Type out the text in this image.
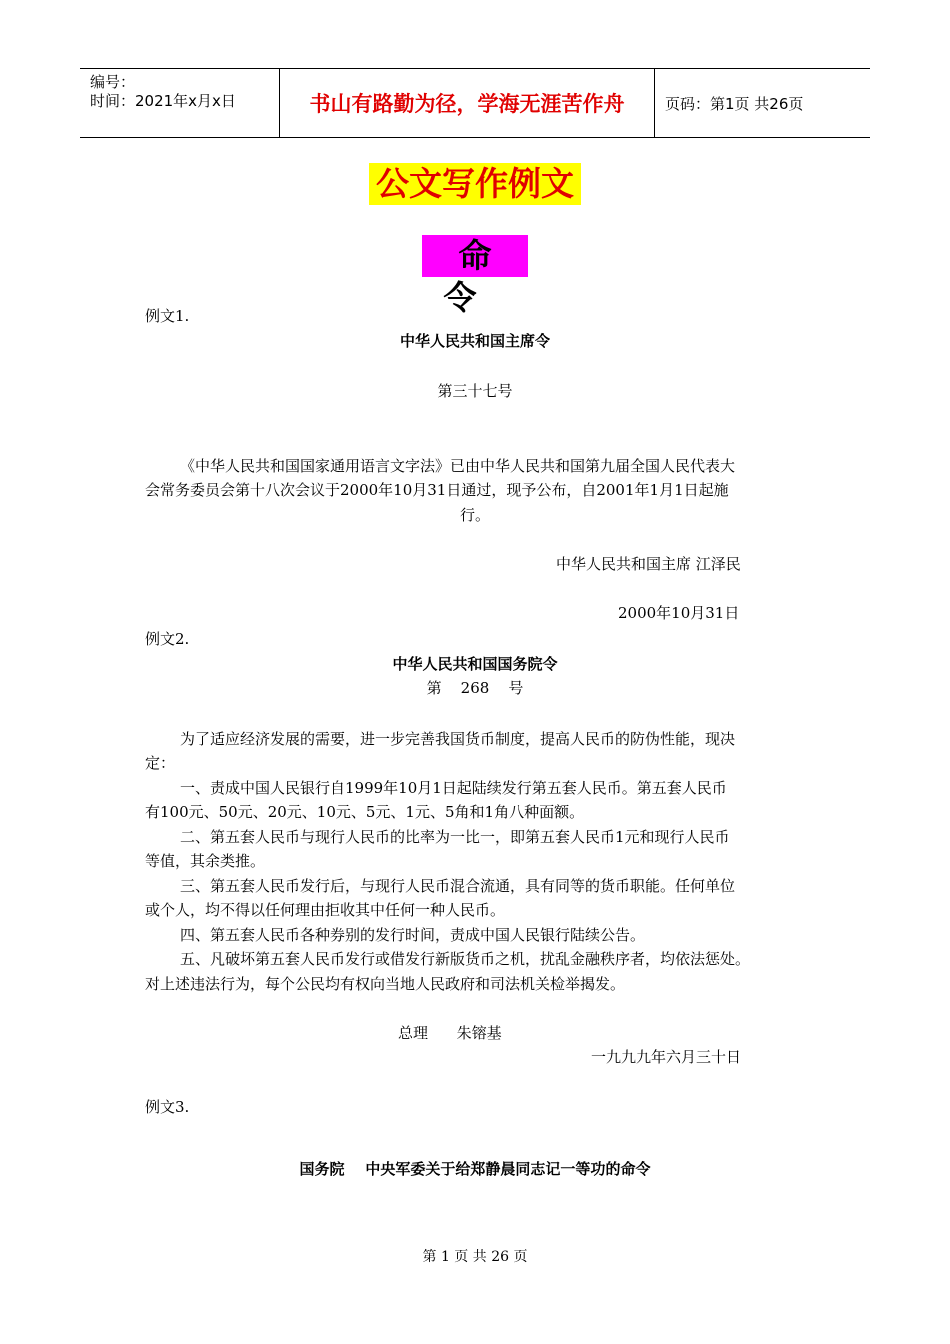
编号：
时间：2021年x月x日	书山有路勤为径，学海无涯苦作舟	页码：第1页 共26页
公文写作例文
命令
例文1.
中华人民共和国主席令
第三十七号
《中华人民共和国国家通用语言文字法》已由中华人民共和国第九届全国人民代表大
会常务委员会第十八次会议于2000年10月31日通过，现予公布，自2001年1月1日起施
行。
中华人民共和国主席 江泽民
2000年10月31日
例文2.
中华人民共和国国务院令
第    268    号
为了适应经济发展的需要，进一步完善我国货币制度，提高人民币的防伪性能，现决
定：
一、责成中国人民银行自1999年10月1日起陆续发行第五套人民币。第五套人民币
有100元、50元、20元、10元、5元、1元、5角和1角八种面额。
二、第五套人民币与现行人民币的比率为一比一，即第五套人民币1元和现行人民币
等值，其余类推。
三、第五套人民币发行后，与现行人民币混合流通，具有同等的货币职能。任何单位
或个人，均不得以任何理由拒收其中任何一种人民币。
四、第五套人民币各种券别的发行时间，责成中国人民银行陆续公告。
五、凡破坏第五套人民币发行或借发行新版货币之机，扰乱金融秩序者，均依法惩处。
对上述违法行为，每个公民均有权向当地人民政府和司法机关检举揭发。
总理      朱镕基
一九九九年六月三十日
例文3.
国务院    中央军委关于给郑静晨同志记一等功的命令
第 1 页 共 26 页
